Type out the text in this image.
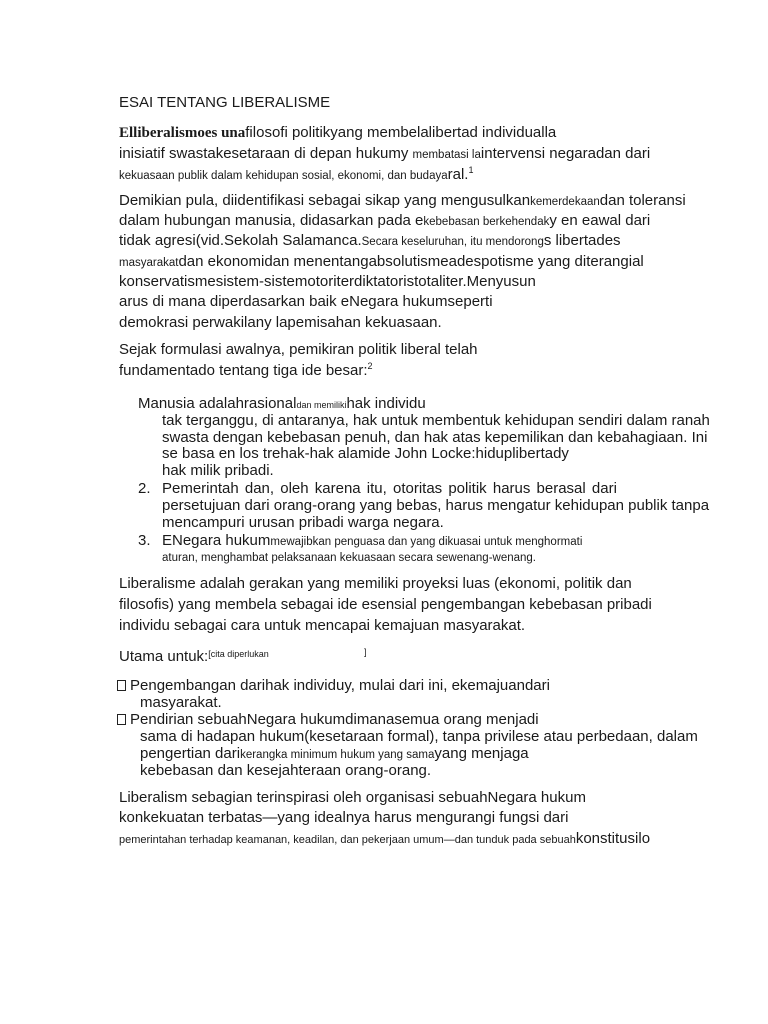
ESAI TENTANG LIBERALISME
Elliberalismoes unafilosofi politikyang membelalibertad individualla
inisiatif swastakesetaraan di depan hukumy membatasi laintervensi negaradan dari
kekuasaan publik dalam kehidupan sosial, ekonomi, dan budayaral.$^1$
Demikian pula, diidentifikasi sebagai sikap yang mengusulkankemerdekaandan toleransi
dalam hubungan manusia, didasarkan pada ekebebasan berkehendaky en eawal dari
tidak agresi(vid.Sekolah Salamanca.Secara keseluruhan, itu mendorongs libertades
masyarakatdan ekonomidan menentangabsolutismeadespotisme yang diterangial
konservatismesistem-sistemotoriterdiktatoristotaliter.Menyusun
arus di mana diperdasarkan baik eNegara hukumseperti
demokrasi perwakilany lapemisahan kekuasaan.
Sejak formulasi awalnya, pemikiran politik liberal telah
fundamentado tentang tiga ide besar:$^2$
Manusia adalahrasionaldan memilikihak individu
tak terganggu, di antaranya, hak untuk membentuk kehidupan sendiri dalam ranah
swasta dengan kebebasan penuh, dan hak atas kepemilikan dan kebahagiaan. Ini
se basa en los trehak-hak alamide John Locke:hiduplibertady
hak milik pribadi.
2. Pemerintah dan, oleh karena itu, otoritas politik harus berasal dari
persetujuan dari orang-orang yang bebas, harus mengatur kehidupan publik tanpa
mencampuri urusan pribadi warga negara.
3. ENegara hukummewajibkan penguasa dan yang dikuasai untuk menghormati
aturan, menghambat pelaksanaan kekuasaan secara sewenang-wenang.
Liberalisme adalah gerakan yang memiliki proyeksi luas (ekonomi, politik dan
filosofis) yang membela sebagai ide esensial pengembangan kebebasan pribadi
individu sebagai cara untuk mencapai kemajuan masyarakat.
Utama untuk:$^{[cita diperlukan}$	]
Pengembangan darihak individuy, mulai dari ini, ekemajuandari
masyarakat.
Pendirian sebuahNegara hukumdimanasemua orang menjadi
sama di hadapan hukum(kesetaraan formal), tanpa privilese atau perbedaan, dalam
pengertian darikerangka minimum hukum yang samayang menjaga
kebebasan dan kesejahteraan orang-orang.
Liberalism sebagian terinspirasi oleh organisasi sebuahNegara hukum
konkekuatan terbatas—yang idealnya harus mengurangi fungsi dari
pemerintahan terhadap keamanan, keadilan, dan pekerjaan umum—dan tunduk pada sebuahkonstitusilo
